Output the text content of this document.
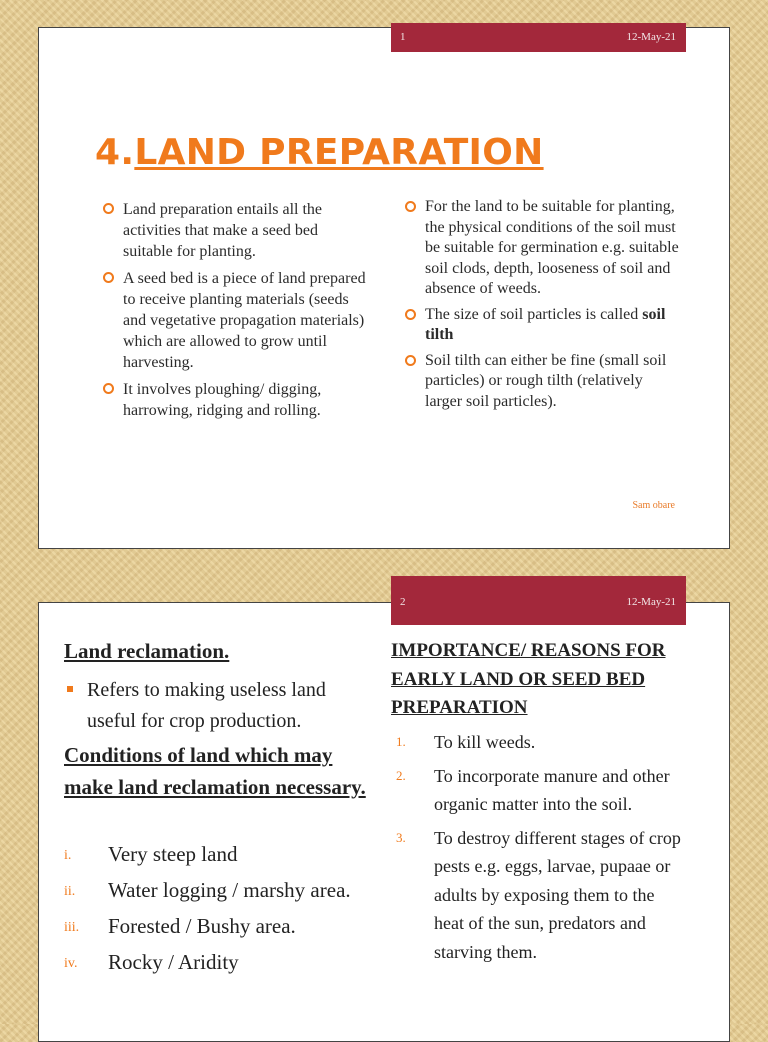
1	12-May-21
4.LAND PREPARATION
Land preparation entails all the activities that make a seed bed suitable for planting.
A seed bed is a piece of land prepared to receive planting materials (seeds and vegetative propagation materials) which are allowed to grow until harvesting.
It involves ploughing/ digging, harrowing, ridging and rolling.
For the land to be suitable for planting, the physical conditions of the soil must be suitable for germination e.g. suitable soil clods, depth, looseness of soil and absence of weeds.
The size of soil particles is called soil tilth
Soil tilth can either be fine (small soil particles) or rough tilth (relatively larger soil particles).
Sam obare
2	12-May-21
Land reclamation.
Refers to making useless land useful for crop production.
Conditions of land which may make land reclamation necessary.
i. Very steep land
ii. Water logging / marshy area.
iii. Forested / Bushy area.
iv. Rocky / Aridity
IMPORTANCE/ REASONS FOR EARLY LAND OR SEED BED PREPARATION
1. To kill weeds.
2. To incorporate manure and other organic matter into the soil.
3. To destroy different stages of crop pests e.g. eggs, larvae, pupaae or adults by exposing them to the heat of the sun, predators and starving them.
